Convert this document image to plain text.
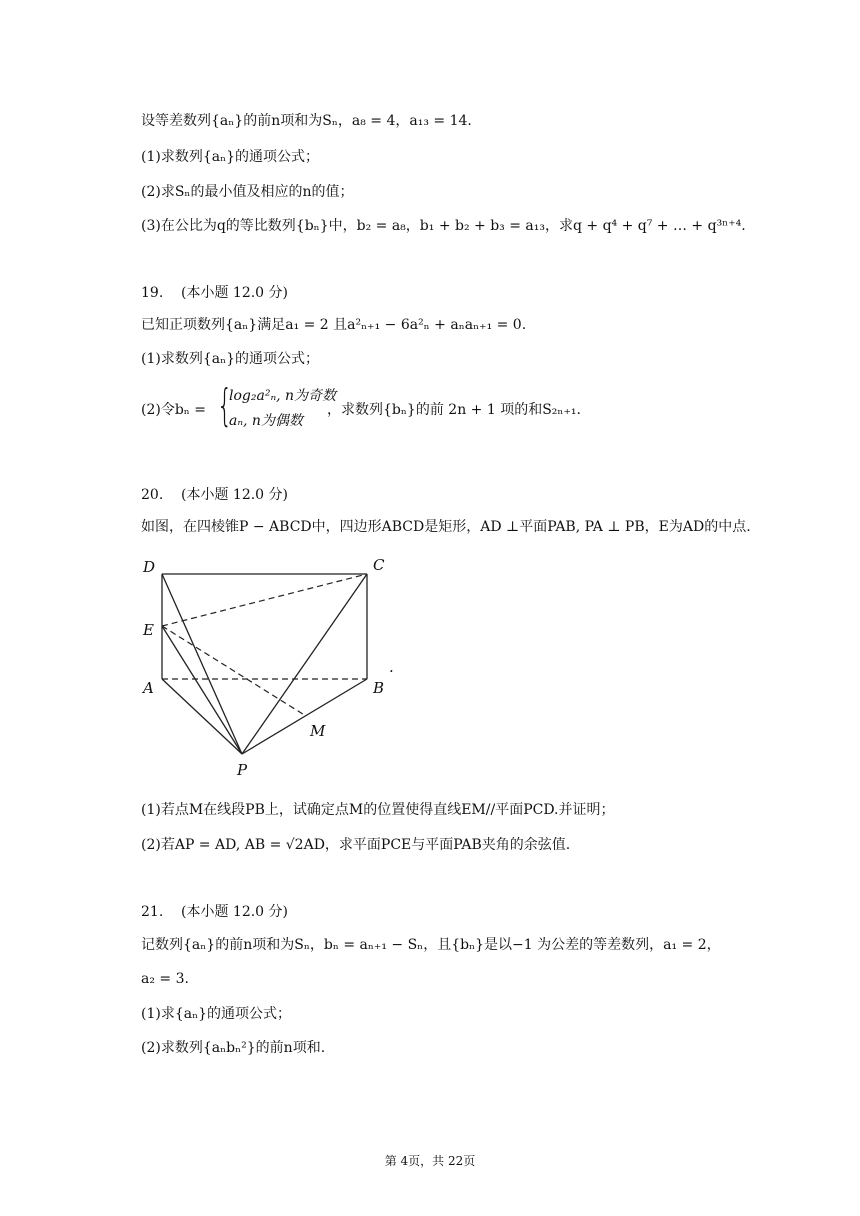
设等差数列{aₙ}的前n项和为Sₙ，a₈ = 4，a₁₃ = 14.
(1)求数列{aₙ}的通项公式；
(2)求Sₙ的最小值及相应的n的值；
(3)在公比为q的等比数列{bₙ}中，b₂ = a₈，b₁ + b₂ + b₃ = a₁₃，求q + q⁴ + q⁷ + … + q³ⁿ⁺⁴.
19. (本小题 12.0 分)
已知正项数列{aₙ}满足a₁ = 2 且a²ₙ₊₁ − 6a²ₙ + aₙaₙ₊₁ = 0.
(1)求数列{aₙ}的通项公式；
(2)令bₙ = {
log₂a²ₙ, n为奇数
aₙ, n为偶数
，求数列{bₙ}的前 2n + 1 项的和S₂ₙ₊₁.
20. (本小题 12.0 分)
如图，在四棱锥P − ABCD中，四边形ABCD是矩形，AD ⊥平面PAB, PA ⊥ PB，E为AD的中点.
D	C
E
A	B
M
P
.
(1)若点M在线段PB上，试确定点M的位置使得直线EM//平面PCD.并证明；
(2)若AP = AD, AB = √2AD，求平面PCE与平面PAB夹角的余弦值.
21. (本小题 12.0 分)
记数列{aₙ}的前n项和为Sₙ，bₙ = aₙ₊₁ − Sₙ，且{bₙ}是以−1 为公差的等差数列，a₁ = 2，
a₂ = 3.
(1)求{aₙ}的通项公式；
(2)求数列{aₙbₙ²}的前n项和.
第 4页，共 22页
